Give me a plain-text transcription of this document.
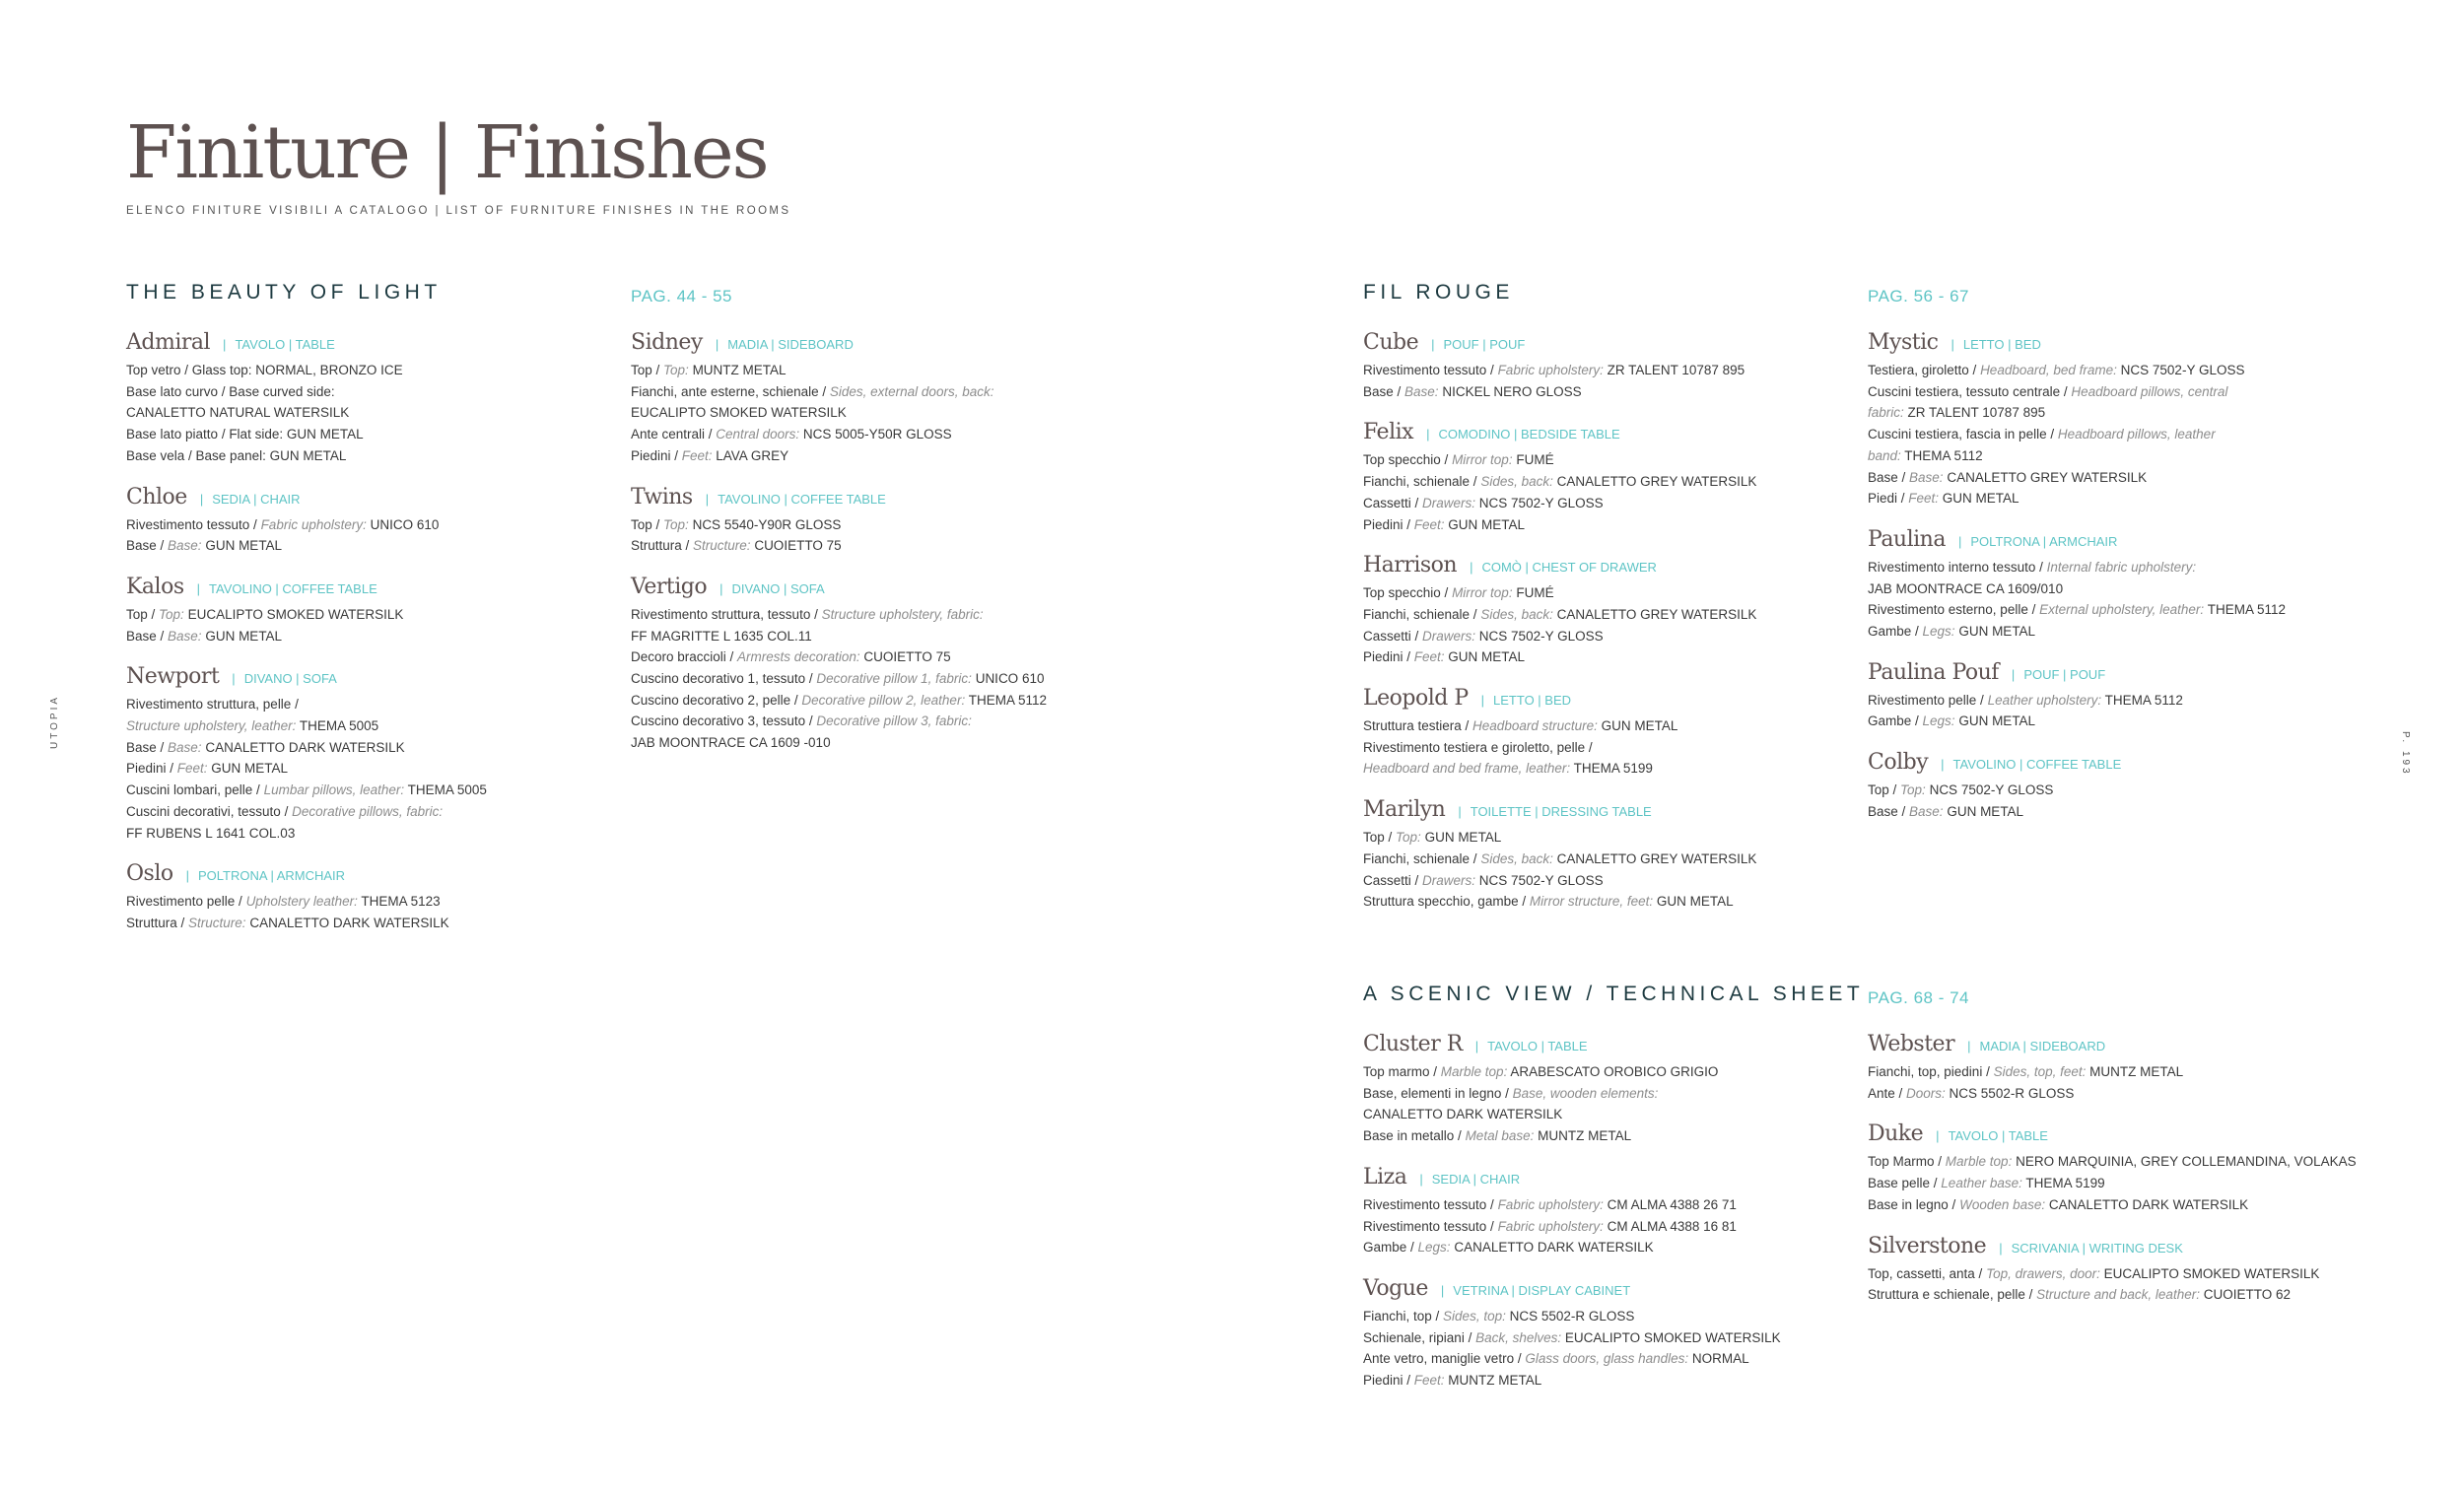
Finiture | Finishes
ELENCO FINITURE VISIBILI A CATALOGO | LIST OF FURNITURE FINISHES IN THE ROOMS
UTOPIA
P. 193
THE BEAUTY OF LIGHT	PAG. 44 - 55
Admiral | TAVOLO | TABLE
Top vetro / Glass top: NORMAL, BRONZO ICE
Base lato curvo / Base curved side:
CANALETTO NATURAL WATERSILK
Base lato piatto / Flat side: GUN METAL
Base vela / Base panel: GUN METAL
Chloe | SEDIA | CHAIR
Rivestimento tessuto / Fabric upholstery: UNICO 610
Base / Base: GUN METAL
Kalos | TAVOLINO | COFFEE TABLE
Top / Top: EUCALIPTO SMOKED WATERSILK
Base / Base: GUN METAL
Newport | DIVANO | SOFA
Rivestimento struttura, pelle /
Structure upholstery, leather: THEMA 5005
Base / Base: CANALETTO DARK WATERSILK
Piedini / Feet: GUN METAL
Cuscini lombari, pelle / Lumbar pillows, leather: THEMA 5005
Cuscini decorativi, tessuto / Decorative pillows, fabric:
FF RUBENS L 1641 COL.03
Oslo | POLTRONA | ARMCHAIR
Rivestimento pelle / Upholstery leather: THEMA 5123
Struttura / Structure: CANALETTO DARK WATERSILK
Sidney | MADIA | SIDEBOARD
Top / Top: MUNTZ METAL
Fianchi, ante esterne, schienale / Sides, external doors, back:
EUCALIPTO SMOKED WATERSILK
Ante centrali / Central doors: NCS 5005-Y50R GLOSS
Piedini / Feet: LAVA GREY
Twins | TAVOLINO | COFFEE TABLE
Top / Top: NCS 5540-Y90R GLOSS
Struttura / Structure: CUOIETTO 75
Vertigo | DIVANO | SOFA
Rivestimento struttura, tessuto / Structure upholstery, fabric:
FF MAGRITTE L 1635 COL.11
Decoro braccioli / Armrests decoration: CUOIETTO 75
Cuscino decorativo 1, tessuto / Decorative pillow 1, fabric: UNICO 610
Cuscino decorativo 2, pelle / Decorative pillow 2, leather: THEMA 5112
Cuscino decorativo 3, tessuto / Decorative pillow 3, fabric:
JAB MOONTRACE CA 1609 -010
FIL ROUGE	PAG. 56 - 67
Cube | POUF | POUF
Rivestimento tessuto / Fabric upholstery: ZR TALENT 10787 895
Base / Base: NICKEL NERO GLOSS
Felix | COMODINO | BEDSIDE TABLE
Top specchio / Mirror top: FUMÉ
Fianchi, schienale / Sides, back: CANALETTO GREY WATERSILK
Cassetti / Drawers: NCS 7502-Y GLOSS
Piedini / Feet: GUN METAL
Harrison | COMÒ | CHEST OF DRAWER
Top specchio / Mirror top: FUMÉ
Fianchi, schienale / Sides, back: CANALETTO GREY WATERSILK
Cassetti / Drawers: NCS 7502-Y GLOSS
Piedini / Feet: GUN METAL
Leopold P | LETTO | BED
Struttura testiera / Headboard structure: GUN METAL
Rivestimento testiera e giroletto, pelle /
Headboard and bed frame, leather: THEMA 5199
Marilyn | TOILETTE | DRESSING TABLE
Top / Top: GUN METAL
Fianchi, schienale / Sides, back: CANALETTO GREY WATERSILK
Cassetti / Drawers: NCS 7502-Y GLOSS
Struttura specchio, gambe / Mirror structure, feet: GUN METAL
Mystic | LETTO | BED
Testiera, giroletto / Headboard, bed frame: NCS 7502-Y GLOSS
Cuscini testiera, tessuto centrale / Headboard pillows, central
fabric: ZR TALENT 10787 895
Cuscini testiera, fascia in pelle / Headboard pillows, leather
band: THEMA 5112
Base / Base: CANALETTO GREY WATERSILK
Piedi / Feet: GUN METAL
Paulina | POLTRONA | ARMCHAIR
Rivestimento interno tessuto / Internal fabric upholstery:
JAB MOONTRACE CA 1609/010
Rivestimento esterno, pelle / External upholstery, leather: THEMA 5112
Gambe / Legs: GUN METAL
Paulina Pouf | POUF | POUF
Rivestimento pelle / Leather upholstery: THEMA 5112
Gambe / Legs: GUN METAL
Colby | TAVOLINO | COFFEE TABLE
Top / Top: NCS 7502-Y GLOSS
Base / Base: GUN METAL
A SCENIC VIEW / TECHNICAL SHEET PAG. 68 - 74
Cluster R | TAVOLO | TABLE
Top marmo / Marble top: ARABESCATO OROBICO GRIGIO
Base, elementi in legno / Base, wooden elements:
CANALETTO DARK WATERSILK
Base in metallo / Metal base: MUNTZ METAL
Liza | SEDIA | CHAIR
Rivestimento tessuto / Fabric upholstery: CM ALMA 4388 26 71
Rivestimento tessuto / Fabric upholstery: CM ALMA 4388 16 81
Gambe / Legs: CANALETTO DARK WATERSILK
Vogue | VETRINA | DISPLAY CABINET
Fianchi, top / Sides, top: NCS 5502-R GLOSS
Schienale, ripiani / Back, shelves: EUCALIPTO SMOKED WATERSILK
Ante vetro, maniglie vetro / Glass doors, glass handles: NORMAL
Piedini / Feet: MUNTZ METAL
Webster | MADIA | SIDEBOARD
Fianchi, top, piedini / Sides, top, feet: MUNTZ METAL
Ante / Doors: NCS 5502-R GLOSS
Duke | TAVOLO | TABLE
Top Marmo / Marble top: NERO MARQUINIA, GREY COLLEMANDINA, VOLAKAS
Base pelle / Leather base: THEMA 5199
Base in legno / Wooden base: CANALETTO DARK WATERSILK
Silverstone | SCRIVANIA | WRITING DESK
Top, cassetti, anta / Top, drawers, door: EUCALIPTO SMOKED WATERSILK
Struttura e schienale, pelle / Structure and back, leather: CUOIETTO 62
